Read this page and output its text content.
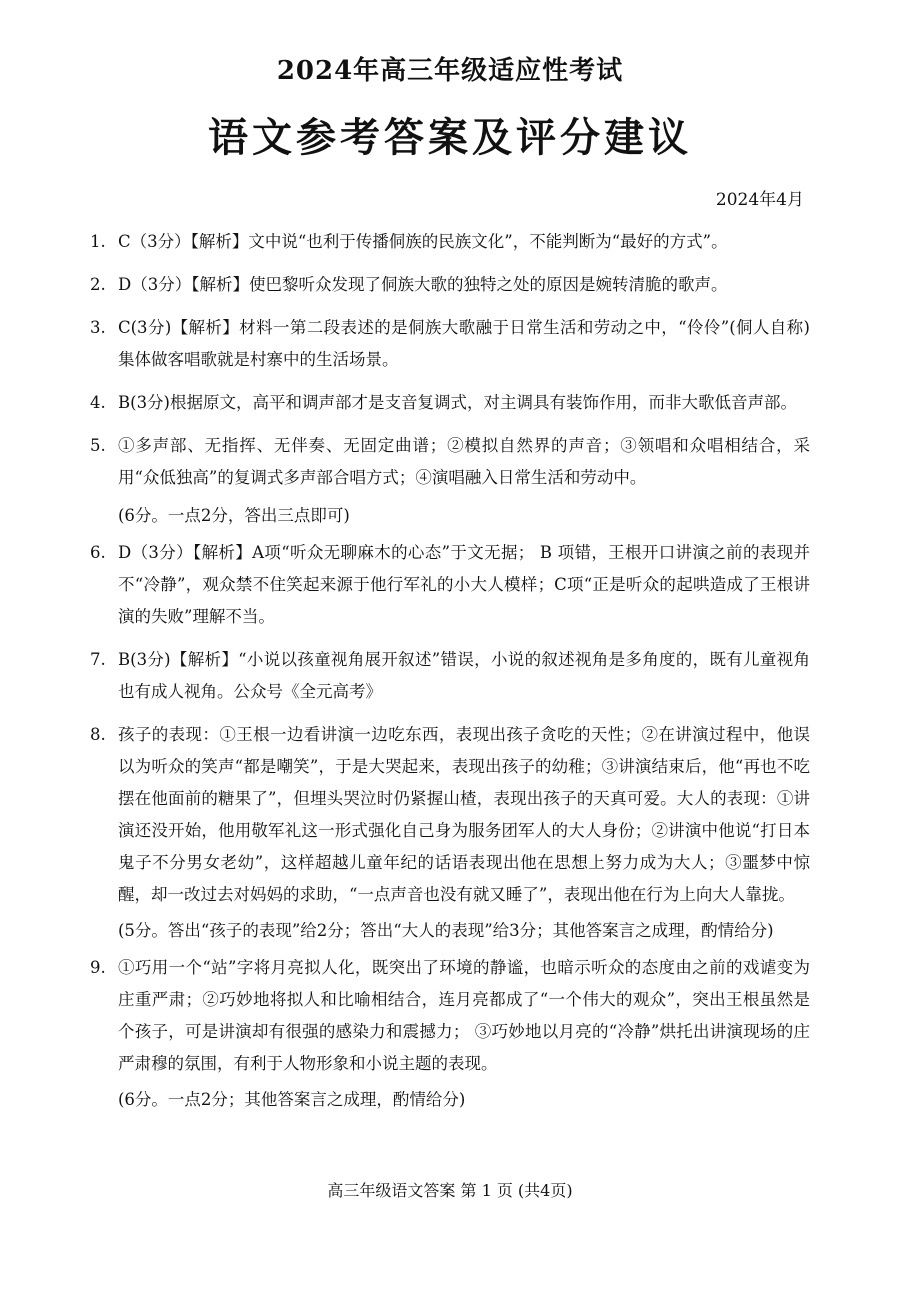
2024年高三年级适应性考试
语文参考答案及评分建议
2024年4月
1. C（3分）【解析】文中说“也利于传播侗族的民族文化”，不能判断为“最好的方式”。
2. D（3分）【解析】使巴黎听众发现了侗族大歌的独特之处的原因是婉转清脆的歌声。
3. C(3分)【解析】材料一第二段表述的是侗族大歌融于日常生活和劳动之中，“伶伶”(侗人自称)集体做客唱歌就是村寨中的生活场景。
4. B(3分)根据原文，高平和调声部才是支音复调式，对主调具有装饰作用，而非大歌低音声部。
5. ①多声部、无指挥、无伴奏、无固定曲谱；②模拟自然界的声音；③领唱和众唱相结合，采用“众低独高”的复调式多声部合唱方式；④演唱融入日常生活和劳动中。
(6分。一点2分，答出三点即可)
6. D（3分）【解析】A项“听众无聊麻木的心态”于文无据； B 项错，王根开口讲演之前的表现并不“冷静”，观众禁不住笑起来源于他行军礼的小大人模样；C项“正是听众的起哄造成了王根讲演的失败”理解不当。
7. B(3分)【解析】“小说以孩童视角展开叙述”错误，小说的叙述视角是多角度的，既有儿童视角也有成人视角。公众号《全元高考》
8. 孩子的表现：①王根一边看讲演一边吃东西，表现出孩子贪吃的天性；②在讲演过程中，他误以为听众的笑声“都是嘲笑”，于是大哭起来，表现出孩子的幼稚；③讲演结束后，他“再也不吃摆在他面前的糖果了”，但埋头哭泣时仍紧握山楂，表现出孩子的天真可爱。大人的表现：①讲演还没开始，他用敬军礼这一形式强化自己身为服务团军人的大人身份；②讲演中他说“打日本鬼子不分男女老幼”，这样超越儿童年纪的话语表现出他在思想上努力成为大人；③噩梦中惊醒，却一改过去对妈妈的求助，“一点声音也没有就又睡了”，表现出他在行为上向大人靠拢。
(5分。答出“孩子的表现”给2分；答出“大人的表现”给3分；其他答案言之成理，酌情给分)
9. ①巧用一个“站”字将月亮拟人化，既突出了环境的静谧，也暗示听众的态度由之前的戏谑变为庄重严肃；②巧妙地将拟人和比喻相结合，连月亮都成了“一个伟大的观众”，突出王根虽然是个孩子，可是讲演却有很强的感染力和震撼力； ③巧妙地以月亮的“冷静”烘托出讲演现场的庄严肃穆的氛围，有利于人物形象和小说主题的表现。
(6分。一点2分；其他答案言之成理，酌情给分)
高三年级语文答案 第 1 页 (共4页)
